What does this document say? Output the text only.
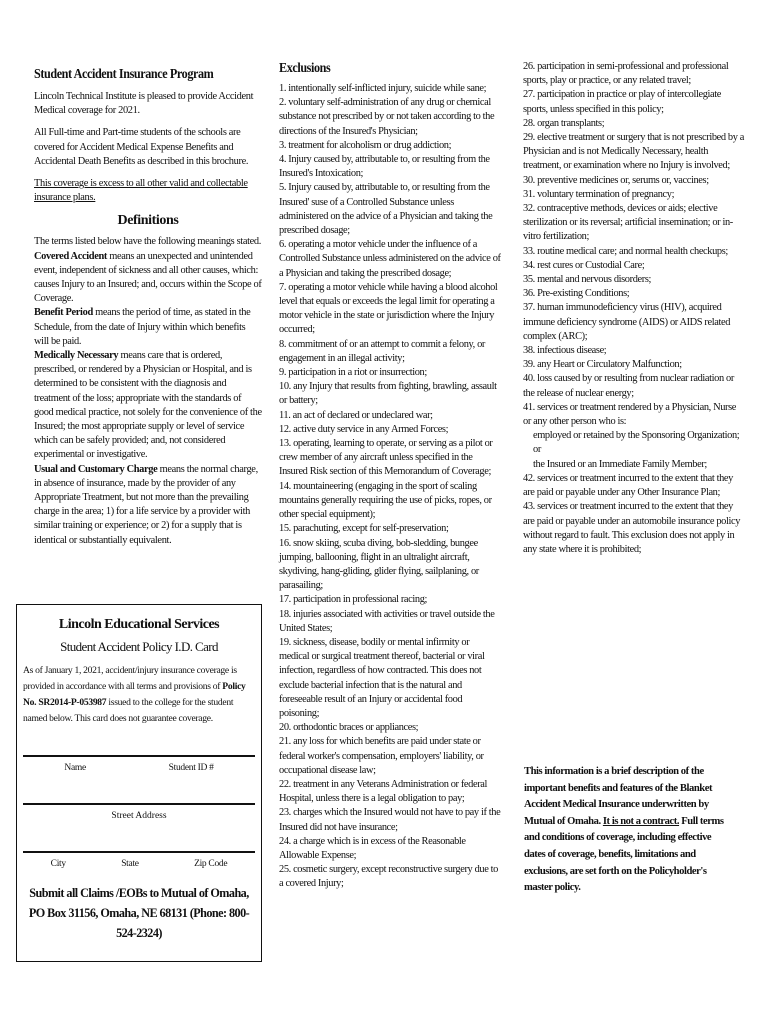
Student Accident Insurance Program
Lincoln Technical Institute is pleased to provide Accident Medical coverage for 2021.
All Full-time and Part-time students of the schools are covered for Accident Medical Expense Benefits and Accidental Death Benefits as described in this brochure.
This coverage is excess to all other valid and collectable insurance plans.
Definitions
The terms listed below have the following meanings stated.
Covered Accident means an unexpected and unintended event, independent of sickness and all other causes, which: causes Injury to an Insured; and, occurs within the Scope of Coverage.
Benefit Period means the period of time, as stated in the Schedule, from the date of Injury within which benefits will be paid.
Medically Necessary means care that is ordered, prescribed, or rendered by a Physician or Hospital, and is determined to be consistent with the diagnosis and treatment of the loss; appropriate with the standards of good medical practice, not solely for the convenience of the Insured; the most appropriate supply or level of service which can be safely provided; and, not considered experimental or investigative.
Usual and Customary Charge means the normal charge, in absence of insurance, made by the provider of any Appropriate Treatment, but not more than the prevailing charge in the area; 1) for a life service by a provider with similar training or experience; or 2) for a supply that is identical or substantially equivalent.
Lincoln Educational Services
Student Accident Policy I.D. Card
As of January 1, 2021, accident/injury insurance coverage is provided in accordance with all terms and provisions of Policy No. SR2014-P-053987 issued to the college for the student named below. This card does not guarantee coverage.
Name	Student ID #
Street Address
City	State	Zip Code
Submit all Claims /EOBs to Mutual of Omaha, PO Box 31156, Omaha, NE 68131 (Phone: 800-524-2324)
Exclusions
1. intentionally self-inflicted injury, suicide while sane;
2. voluntary self-administration of any drug or chemical substance not prescribed by or not taken according to the directions of the Insured's Physician;
3. treatment for alcoholism or drug addiction;
4. Injury caused by, attributable to, or resulting from the Insured's Intoxication;
5. Injury caused by, attributable to, or resulting from the Insured' suse of a Controlled Substance unless administered on the advice of a Physician and taking the prescribed dosage;
6. operating a motor vehicle under the influence of a Controlled Substance unless administered on the advice of a Physician and taking the prescribed dosage;
7. operating a motor vehicle while having a blood alcohol level that equals or exceeds the legal limit for operating a motor vehicle in the state or jurisdiction where the Injury occurred;
8. commitment of or an attempt to commit a felony, or engagement in an illegal activity;
9. participation in a riot or insurrection;
10. any Injury that results from fighting, brawling, assault or battery;
11. an act of declared or undeclared war;
12. active duty service in any Armed Forces;
13. operating, learning to operate, or serving as a pilot or crew member of any aircraft unless specified in the Insured Risk section of this Memorandum of Coverage;
14. mountaineering (engaging in the sport of scaling mountains generally requiring the use of picks, ropes, or other special equipment);
15. parachuting, except for self-preservation;
16. snow skiing, scuba diving, bob-sledding, bungee jumping, ballooning, flight in an ultralight aircraft, skydiving, hang-gliding, glider flying, sailplaning, or parasailing;
17. participation in professional racing;
18. injuries associated with activities or travel outside the United States;
19. sickness, disease, bodily or mental infirmity or medical or surgical treatment thereof, bacterial or viral infection, regardless of how contracted. This does not exclude bacterial infection that is the natural and foreseeable result of an Injury or accidental food poisoning;
20. orthodontic braces or appliances;
21. any loss for which benefits are paid under state or federal worker's compensation, employers' liability, or occupational disease law;
22. treatment in any Veterans Administration or federal Hospital, unless there is a legal obligation to pay;
23. charges which the Insured would not have to pay if the Insured did not have insurance;
24. a charge which is in excess of the Reasonable Allowable Expense;
25. cosmetic surgery, except reconstructive surgery due to a covered Injury;
26. participation in semi-professional and professional sports, play or practice, or any related travel;
27. participation in practice or play of intercollegiate sports, unless specified in this policy;
28. organ transplants;
29. elective treatment or surgery that is not prescribed by a Physician and is not Medically Necessary, health treatment, or examination where no Injury is involved;
30. preventive medicines or, serums or, vaccines;
31. voluntary termination of pregnancy;
32. contraceptive methods, devices or aids; elective sterilization or its reversal; artificial insemination; or in-vitro fertilization;
33. routine medical care; and normal health checkups;
34. rest cures or Custodial Care;
35. mental and nervous disorders;
36. Pre-existing Conditions;
37. human immunodeficiency virus (HIV), acquired immune deficiency syndrome (AIDS) or AIDS related complex (ARC);
38. infectious disease;
39. any Heart or Circulatory Malfunction;
40. loss caused by or resulting from nuclear radiation or the release of nuclear energy;
41. services or treatment rendered by a Physician, Nurse or any other person who is:
employed or retained by the Sponsoring Organization; or
the Insured or an Immediate Family Member;
42. services or treatment incurred to the extent that they are paid or payable under any Other Insurance Plan;
43. services or treatment incurred to the extent that they are paid or payable under an automobile insurance policy without regard to fault. This exclusion does not apply in any state where it is prohibited;
This information is a brief description of the important benefits and features of the Blanket Accident Medical Insurance underwritten by Mutual of Omaha. It is not a contract. Full terms and conditions of coverage, including effective dates of coverage, benefits, limitations and exclusions, are set forth on the Policyholder's master policy.
